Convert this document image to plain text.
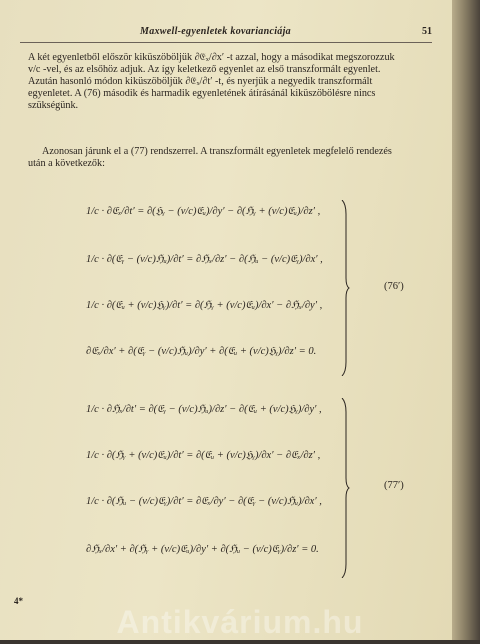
Maxwell-egyenletek kovarianciája	51

A két egyenletből először kiküszöböljük ∂𝔈ₓ/∂x′ -t azzal, hogy a másodikat megszorozzuk v/c -vel, és az elsőhöz adjuk. Az így keletkező egyenlet az első transzformált egyenlet. Azután hasonló módon kiküszöböljük ∂𝔈ₓ/∂t′ -t, és nyerjük a negyedik transzformált egyenletet. A (76) második és harmadik egyenletének átírásánál kiküszöbölésre nincs szükségünk.

Azonosan járunk el a (77) rendszerrel. A transzformált egyenletek megfelelő rendezés után a következők:

1/c · ∂𝔈ₓ/∂t′ = ∂(ℌᵧ − (v/c)𝔈ᵤ)/∂y′ − ∂(ℌᵧ + (v/c)𝔈ᵤ)/∂z′ ,
1/c · ∂(𝔈ᵧ − (v/c)ℌᵤ)/∂t′ = ∂ℌₓ/∂z′ − ∂(ℌᵤ − (v/c)𝔈ᵧ)/∂x′ ,
1/c · ∂(𝔈ᵤ + (v/c)ℌᵧ)/∂t′ = ∂(ℌᵧ + (v/c)𝔈ᵤ)/∂x′ − ∂ℌₓ/∂y′ ,
∂𝔈ₓ/∂x′ + ∂(𝔈ᵧ − (v/c)ℌᵤ)/∂y′ + ∂(𝔈ᵤ + (v/c)ℌᵧ)/∂z′ = 0.
(76′)
1/c · ∂ℌₓ/∂t′ = ∂(𝔈ᵧ − (v/c)ℌᵤ)/∂z′ − ∂(𝔈ᵤ + (v/c)ℌᵧ)/∂y′ ,
1/c · ∂(ℌᵧ + (v/c)𝔈ᵤ)/∂t′ = ∂(𝔈ᵤ + (v/c)ℌᵧ)/∂x′ − ∂𝔈ₓ/∂z′ ,
1/c · ∂(ℌᵤ − (v/c)𝔈ᵧ)/∂t′ = ∂𝔈ₓ/∂y′ − ∂(𝔈ᵧ − (v/c)ℌᵤ)/∂x′ ,
∂ℌₓ/∂x′ + ∂(ℌᵧ + (v/c)𝔈ᵤ)/∂y′ + ∂(ℌᵤ − (v/c)𝔈ᵧ)/∂z′ = 0.
(77′)
4*
Antikvárium.hu
